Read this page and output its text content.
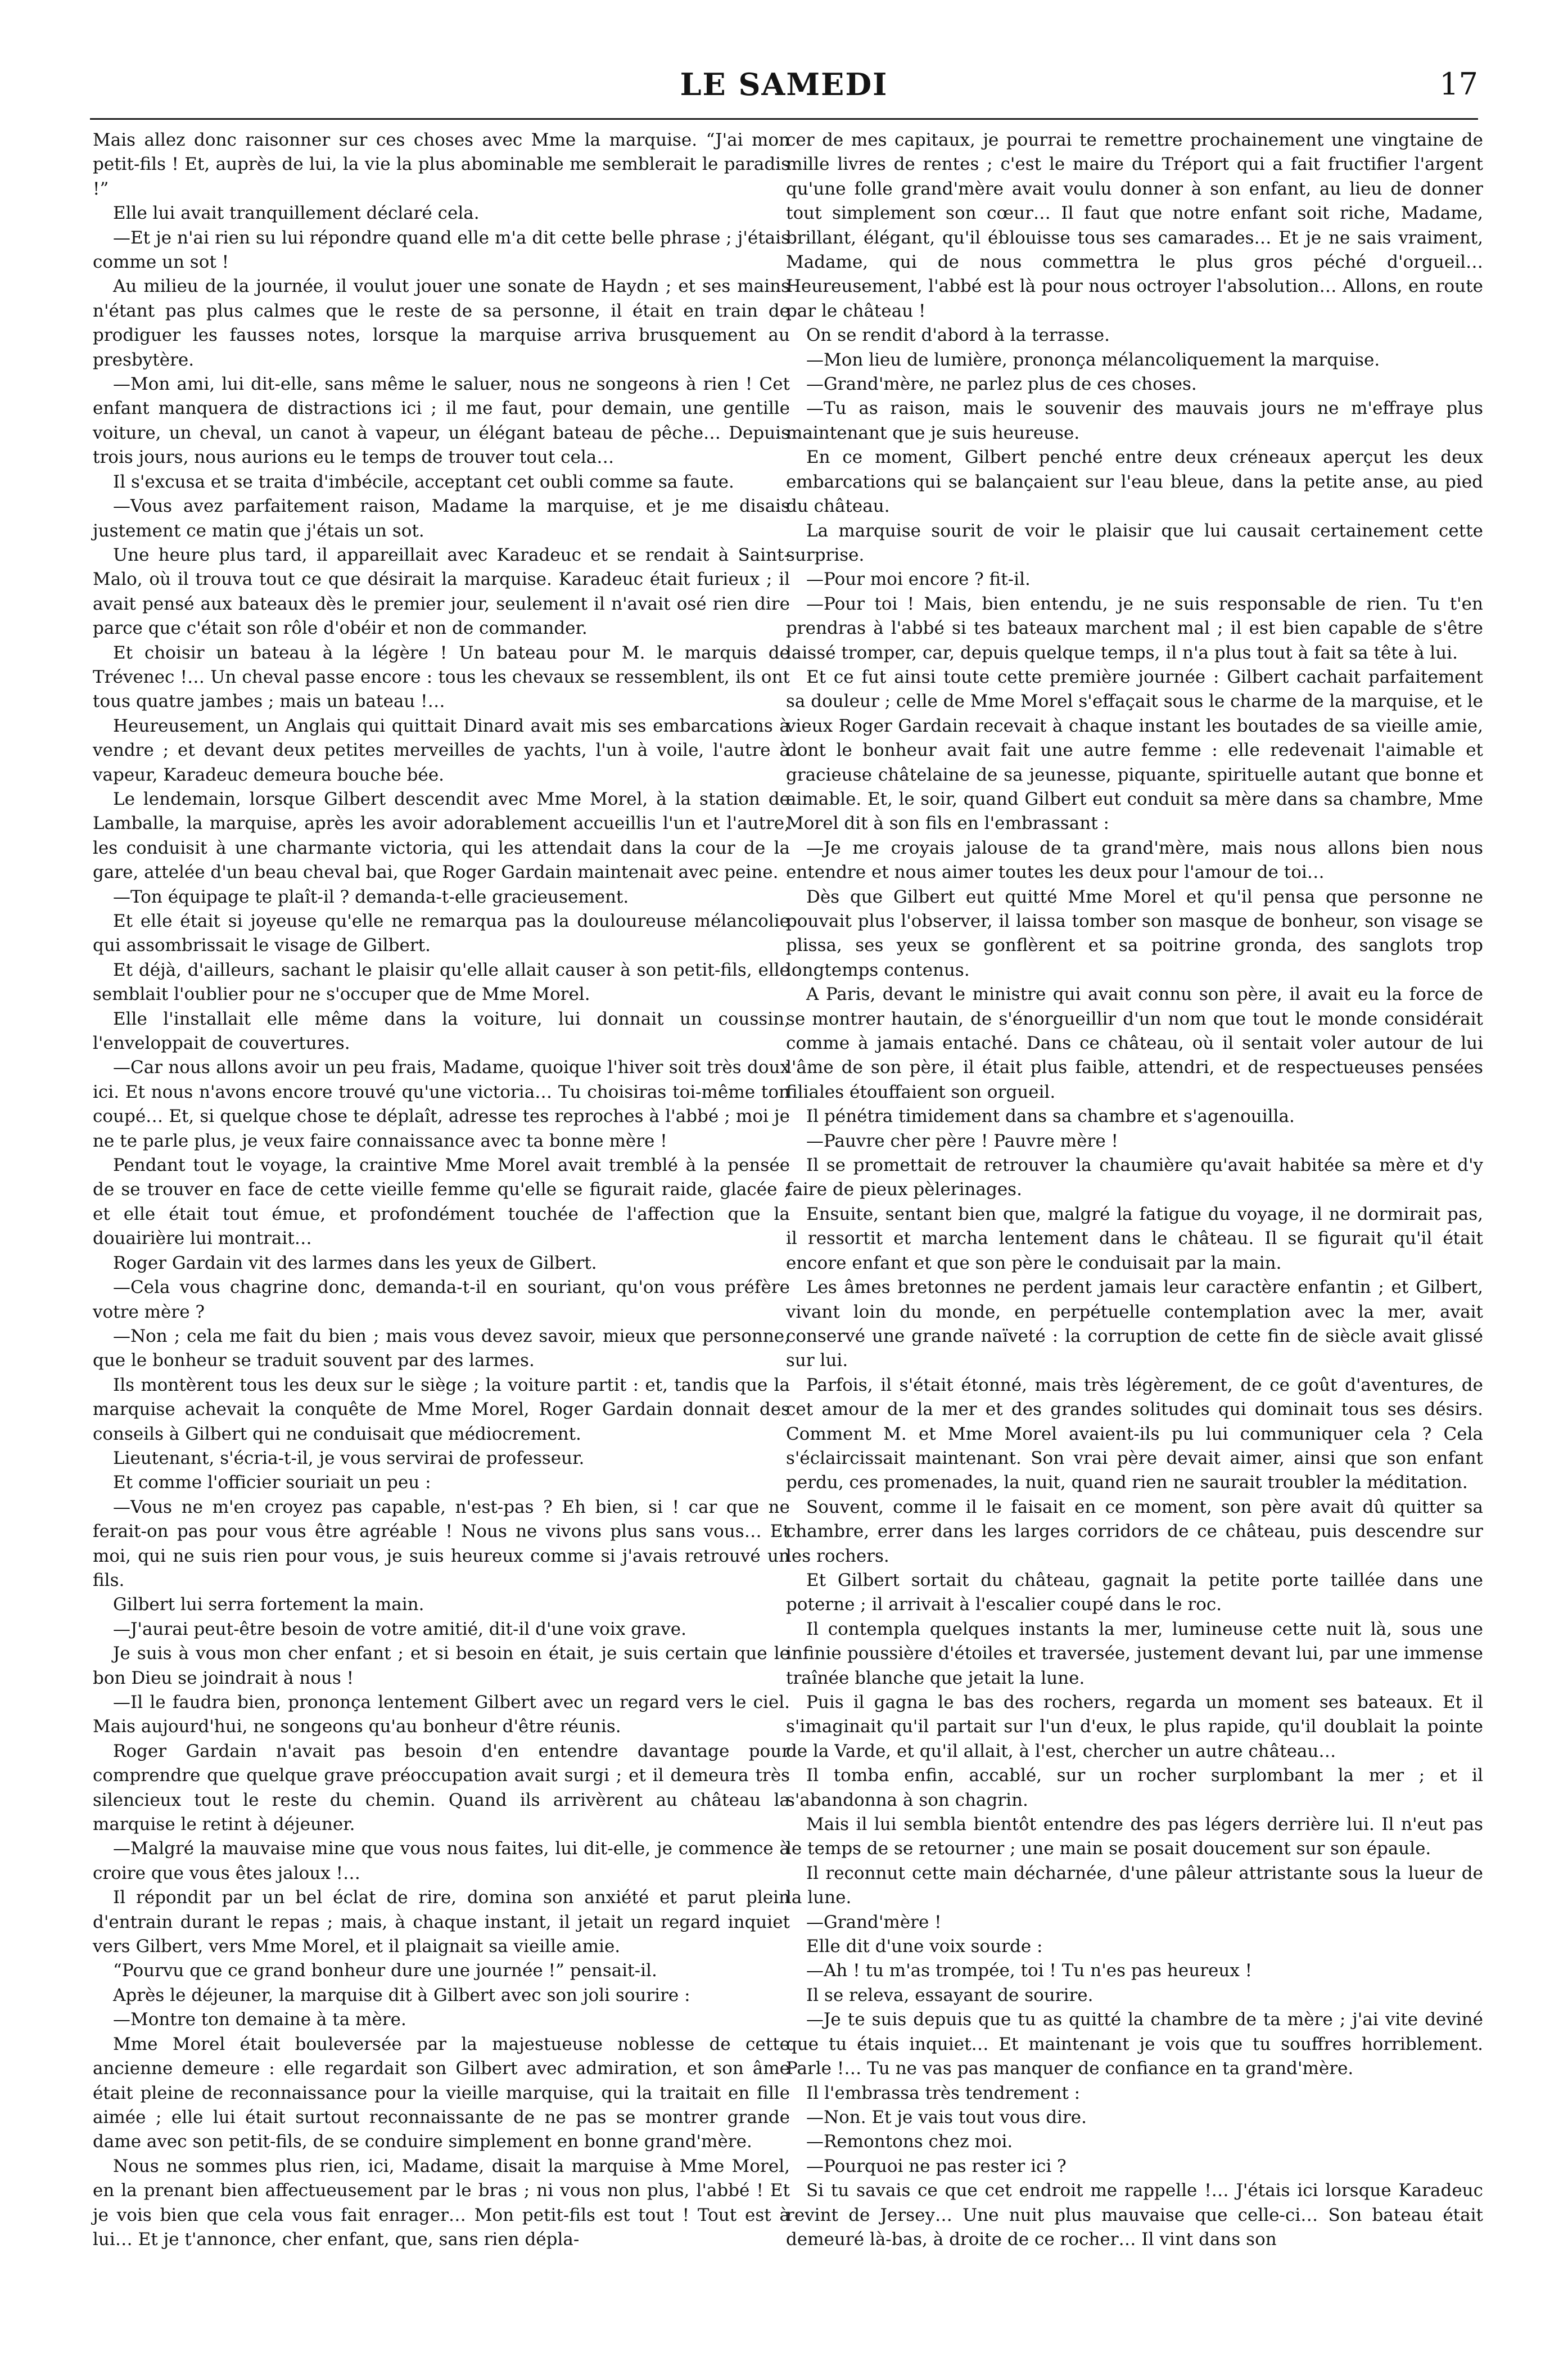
LE SAMEDI	17

Mais allez donc raisonner sur ces choses avec Mme la marquise. “J'ai mon petit-fils ! Et, auprès de lui, la vie la plus abominable me semblerait le paradis !”

Elle lui avait tranquillement déclaré cela.

—Et je n'ai rien su lui répondre quand elle m'a dit cette belle phrase ; j'étais comme un sot !

Au milieu de la journée, il voulut jouer une sonate de Haydn ; et ses mains n'étant pas plus calmes que le reste de sa personne, il était en train de prodiguer les fausses notes, lorsque la marquise arriva brusquement au presbytère.

—Mon ami, lui dit-elle, sans même le saluer, nous ne songeons à rien ! Cet enfant manquera de distractions ici ; il me faut, pour demain, une gentille voiture, un cheval, un canot à vapeur, un élégant bateau de pêche… Depuis trois jours, nous aurions eu le temps de trouver tout cela…

Il s'excusa et se traita d'imbécile, acceptant cet oubli comme sa faute.

—Vous avez parfaitement raison, Madame la marquise, et je me disais justement ce matin que j'étais un sot.

Une heure plus tard, il appareillait avec Karadeuc et se rendait à Saint-Malo, où il trouva tout ce que désirait la marquise. Karadeuc était furieux ; il avait pensé aux bateaux dès le premier jour, seulement il n'avait osé rien dire parce que c'était son rôle d'obéir et non de commander.

Et choisir un bateau à la légère ! Un bateau pour M. le marquis de Trévenec !… Un cheval passe encore : tous les chevaux se ressemblent, ils ont tous quatre jambes ; mais un bateau !…

Heureusement, un Anglais qui quittait Dinard avait mis ses embarcations à vendre ; et devant deux petites merveilles de yachts, l'un à voile, l'autre à vapeur, Karadeuc demeura bouche bée.

Le lendemain, lorsque Gilbert descendit avec Mme Morel, à la station de Lamballe, la marquise, après les avoir adorablement accueillis l'un et l'autre, les conduisit à une charmante victoria, qui les attendait dans la cour de la gare, attelée d'un beau cheval bai, que Roger Gardain maintenait avec peine.

—Ton équipage te plaît-il ? demanda-t-elle gracieusement.

Et elle était si joyeuse qu'elle ne remarqua pas la douloureuse mélancolie qui assombrissait le visage de Gilbert.

Et déjà, d'ailleurs, sachant le plaisir qu'elle allait causer à son petit-fils, elle semblait l'oublier pour ne s'occuper que de Mme Morel.

Elle l'installait elle même dans la voiture, lui donnait un coussin, l'enveloppait de couvertures.

—Car nous allons avoir un peu frais, Madame, quoique l'hiver soit très doux ici. Et nous n'avons encore trouvé qu'une victoria… Tu choisiras toi-même ton coupé… Et, si quelque chose te déplaît, adresse tes reproches à l'abbé ; moi je ne te parle plus, je veux faire connaissance avec ta bonne mère !

Pendant tout le voyage, la craintive Mme Morel avait tremblé à la pensée de se trouver en face de cette vieille femme qu'elle se figurait raide, glacée ; et elle était tout émue, et profondément touchée de l'affection que la douairière lui montrait…

Roger Gardain vit des larmes dans les yeux de Gilbert.

—Cela vous chagrine donc, demanda-t-il en souriant, qu'on vous préfère votre mère ?

—Non ; cela me fait du bien ; mais vous devez savoir, mieux que personne, que le bonheur se traduit souvent par des larmes.

Ils montèrent tous les deux sur le siège ; la voiture partit : et, tandis que la marquise achevait la conquête de Mme Morel, Roger Gardain donnait des conseils à Gilbert qui ne conduisait que médiocrement.

Lieutenant, s'écria-t-il, je vous servirai de professeur.

Et comme l'officier souriait un peu :

—Vous ne m'en croyez pas capable, n'est-pas ? Eh bien, si ! car que ne ferait-on pas pour vous être agréable ! Nous ne vivons plus sans vous… Et moi, qui ne suis rien pour vous, je suis heureux comme si j'avais retrouvé un fils.

Gilbert lui serra fortement la main.

—J'aurai peut-être besoin de votre amitié, dit-il d'une voix grave.

Je suis à vous mon cher enfant ; et si besoin en était, je suis certain que le bon Dieu se joindrait à nous !

—Il le faudra bien, prononça lentement Gilbert avec un regard vers le ciel. Mais aujourd'hui, ne songeons qu'au bonheur d'être réunis.

Roger Gardain n'avait pas besoin d'en entendre davantage pour comprendre que quelque grave préoccupation avait surgi ; et il demeura très silencieux tout le reste du chemin. Quand ils arrivèrent au château la marquise le retint à déjeuner.

—Malgré la mauvaise mine que vous nous faites, lui dit-elle, je commence à croire que vous êtes jaloux !…

Il répondit par un bel éclat de rire, domina son anxiété et parut plein d'entrain durant le repas ; mais, à chaque instant, il jetait un regard inquiet vers Gilbert, vers Mme Morel, et il plaignait sa vieille amie.

“Pourvu que ce grand bonheur dure une journée !” pensait-il.

Après le déjeuner, la marquise dit à Gilbert avec son joli sourire :

—Montre ton demaine à ta mère.

Mme Morel était bouleversée par la majestueuse noblesse de cette ancienne demeure : elle regardait son Gilbert avec admiration, et son âme était pleine de reconnaissance pour la vieille marquise, qui la traitait en fille aimée ; elle lui était surtout reconnaissante de ne pas se montrer grande dame avec son petit-fils, de se conduire simplement en bonne grand'mère.

Nous ne sommes plus rien, ici, Madame, disait la marquise à Mme Morel, en la prenant bien affectueusement par le bras ; ni vous non plus, l'abbé ! Et je vois bien que cela vous fait enrager… Mon petit-fils est tout ! Tout est à lui… Et je t'annonce, cher enfant, que, sans rien dépla-

cer de mes capitaux, je pourrai te remettre prochainement une vingtaine de mille livres de rentes ; c'est le maire du Tréport qui a fait fructifier l'argent qu'une folle grand'mère avait voulu donner à son enfant, au lieu de donner tout simplement son cœur… Il faut que notre enfant soit riche, Madame, brillant, élégant, qu'il éblouisse tous ses camarades… Et je ne sais vraiment, Madame, qui de nous commettra le plus gros péché d'orgueil… Heureusement, l'abbé est là pour nous octroyer l'absolution… Allons, en route par le château !

On se rendit d'abord à la terrasse.

—Mon lieu de lumière, prononça mélancoliquement la marquise.

—Grand'mère, ne parlez plus de ces choses.

—Tu as raison, mais le souvenir des mauvais jours ne m'effraye plus maintenant que je suis heureuse.

En ce moment, Gilbert penché entre deux créneaux aperçut les deux embarcations qui se balançaient sur l'eau bleue, dans la petite anse, au pied du château.

La marquise sourit de voir le plaisir que lui causait certainement cette surprise.

—Pour moi encore ? fit-il.

—Pour toi ! Mais, bien entendu, je ne suis responsable de rien. Tu t'en prendras à l'abbé si tes bateaux marchent mal ; il est bien capable de s'être laissé tromper, car, depuis quelque temps, il n'a plus tout à fait sa tête à lui.

Et ce fut ainsi toute cette première journée : Gilbert cachait parfaitement sa douleur ; celle de Mme Morel s'effaçait sous le charme de la marquise, et le vieux Roger Gardain recevait à chaque instant les boutades de sa vieille amie, dont le bonheur avait fait une autre femme : elle redevenait l'aimable et gracieuse châtelaine de sa jeunesse, piquante, spirituelle autant que bonne et aimable. Et, le soir, quand Gilbert eut conduit sa mère dans sa chambre, Mme Morel dit à son fils en l'embrassant :

—Je me croyais jalouse de ta grand'mère, mais nous allons bien nous entendre et nous aimer toutes les deux pour l'amour de toi…

Dès que Gilbert eut quitté Mme Morel et qu'il pensa que personne ne pouvait plus l'observer, il laissa tomber son masque de bonheur, son visage se plissa, ses yeux se gonflèrent et sa poitrine gronda, des sanglots trop longtemps contenus.

A Paris, devant le ministre qui avait connu son père, il avait eu la force de se montrer hautain, de s'énorgueillir d'un nom que tout le monde considérait comme à jamais entaché. Dans ce château, où il sentait voler autour de lui l'âme de son père, il était plus faible, attendri, et de respectueuses pensées filiales étouffaient son orgueil.

Il pénétra timidement dans sa chambre et s'agenouilla.

—Pauvre cher père ! Pauvre mère !

Il se promettait de retrouver la chaumière qu'avait habitée sa mère et d'y faire de pieux pèlerinages.

Ensuite, sentant bien que, malgré la fatigue du voyage, il ne dormirait pas, il ressortit et marcha lentement dans le château. Il se figurait qu'il était encore enfant et que son père le conduisait par la main.

Les âmes bretonnes ne perdent jamais leur caractère enfantin ; et Gilbert, vivant loin du monde, en perpétuelle contemplation avec la mer, avait conservé une grande naïveté : la corruption de cette fin de siècle avait glissé sur lui.

Parfois, il s'était étonné, mais très légèrement, de ce goût d'aventures, de cet amour de la mer et des grandes solitudes qui dominait tous ses désirs. Comment M. et Mme Morel avaient-ils pu lui communiquer cela ? Cela s'éclaircissait maintenant. Son vrai père devait aimer, ainsi que son enfant perdu, ces promenades, la nuit, quand rien ne saurait troubler la méditation.

Souvent, comme il le faisait en ce moment, son père avait dû quitter sa chambre, errer dans les larges corridors de ce château, puis descendre sur les rochers.

Et Gilbert sortait du château, gagnait la petite porte taillée dans une poterne ; il arrivait à l'escalier coupé dans le roc.

Il contempla quelques instants la mer, lumineuse cette nuit là, sous une infinie poussière d'étoiles et traversée, justement devant lui, par une immense traînée blanche que jetait la lune.

Puis il gagna le bas des rochers, regarda un moment ses bateaux. Et il s'imaginait qu'il partait sur l'un d'eux, le plus rapide, qu'il doublait la pointe de la Varde, et qu'il allait, à l'est, chercher un autre château…

Il tomba enfin, accablé, sur un rocher surplombant la mer ; et il s'abandonna à son chagrin.

Mais il lui sembla bientôt entendre des pas légers derrière lui. Il n'eut pas le temps de se retourner ; une main se posait doucement sur son épaule.

Il reconnut cette main décharnée, d'une pâleur attristante sous la lueur de la lune.

—Grand'mère !

Elle dit d'une voix sourde :

—Ah ! tu m'as trompée, toi ! Tu n'es pas heureux !

Il se releva, essayant de sourire.

—Je te suis depuis que tu as quitté la chambre de ta mère ; j'ai vite deviné que tu étais inquiet… Et maintenant je vois que tu souffres horriblement. Parle !… Tu ne vas pas manquer de confiance en ta grand'mère.

Il l'embrassa très tendrement :

—Non. Et je vais tout vous dire.

—Remontons chez moi.

—Pourquoi ne pas rester ici ?

Si tu savais ce que cet endroit me rappelle !… J'étais ici lorsque Karadeuc revint de Jersey… Une nuit plus mauvaise que celle-ci… Son bateau était demeuré là-bas, à droite de ce rocher… Il vint dans son
